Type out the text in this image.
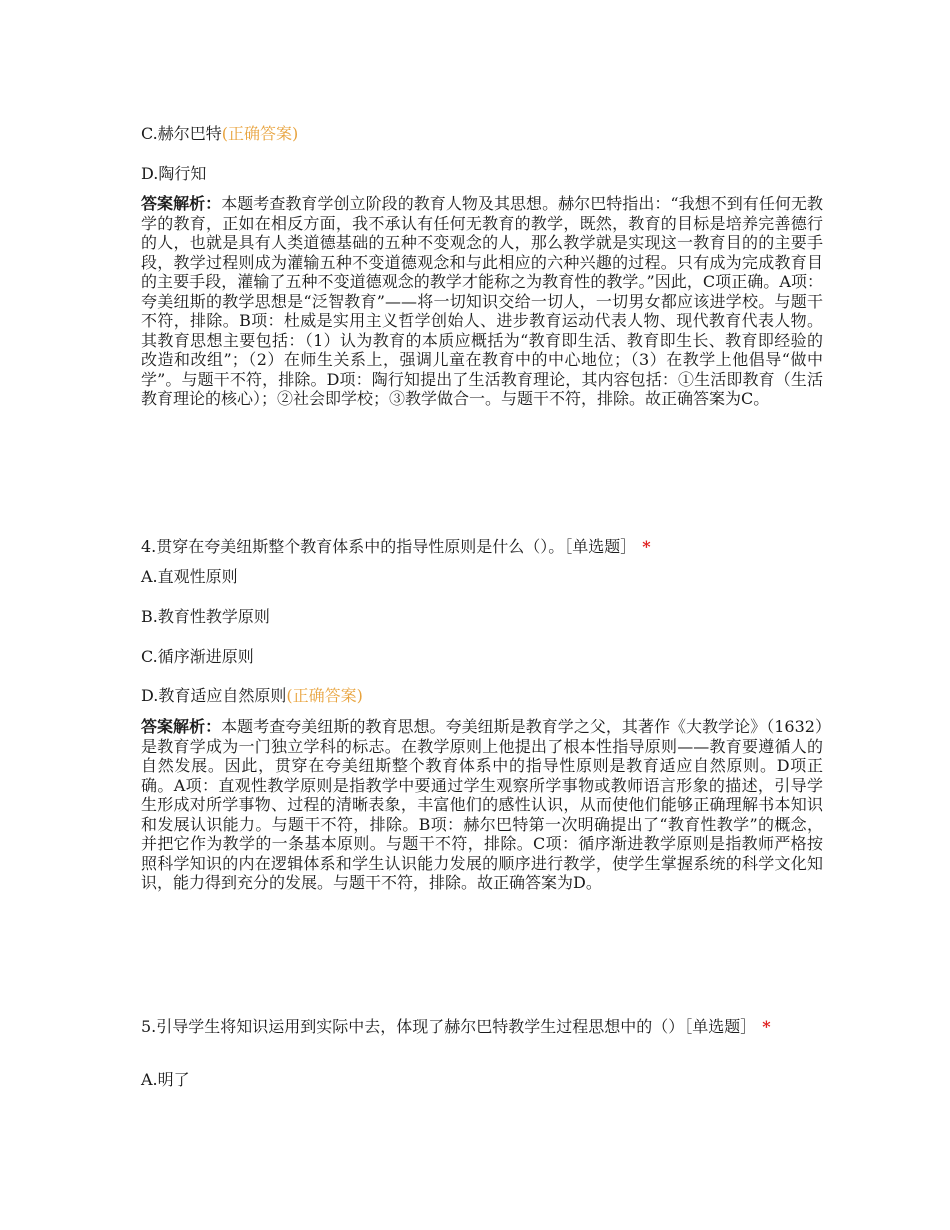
C.赫尔巴特(正确答案)
D.陶行知
答案解析：本题考查教育学创立阶段的教育人物及其思想。赫尔巴特指出：“我想不到有任何无教学的教育，正如在相反方面，我不承认有任何无教育的教学，既然，教育的目标是培养完善德行的人，也就是具有人类道德基础的五种不变观念的人，那么教学就是实现这一教育目的的主要手段，教学过程则成为灌输五种不变道德观念和与此相应的六种兴趣的过程。只有成为完成教育目的主要手段，灌输了五种不变道德观念的教学才能称之为教育性的教学。”因此，C项正确。A项：夸美纽斯的教学思想是“泛智教育”——将一切知识交给一切人，一切男女都应该进学校。与题干不符，排除。B项：杜威是实用主义哲学创始人、进步教育运动代表人物、现代教育代表人物。其教育思想主要包括：（1）认为教育的本质应概括为“教育即生活、教育即生长、教育即经验的改造和改组”；（2）在师生关系上，强调儿童在教育中的中心地位；（3）在教学上他倡导“做中学”。与题干不符，排除。D项：陶行知提出了生活教育理论，其内容包括：①生活即教育（生活教育理论的核心）；②社会即学校；③教学做合一。与题干不符，排除。故正确答案为C。
4.贯穿在夸美纽斯整个教育体系中的指导性原则是什么（）。［单选题］ *
A.直观性原则
B.教育性教学原则
C.循序渐进原则
D.教育适应自然原则(正确答案)
答案解析：本题考查夸美纽斯的教育思想。夸美纽斯是教育学之父，其著作《大教学论》（1632）是教育学成为一门独立学科的标志。在教学原则上他提出了根本性指导原则——教育要遵循人的自然发展。因此，贯穿在夸美纽斯整个教育体系中的指导性原则是教育适应自然原则。D项正确。A项：直观性教学原则是指教学中要通过学生观察所学事物或教师语言形象的描述，引导学生形成对所学事物、过程的清晰表象，丰富他们的感性认识，从而使他们能够正确理解书本知识和发展认识能力。与题干不符，排除。B项：赫尔巴特第一次明确提出了“教育性教学”的概念，并把它作为教学的一条基本原则。与题干不符，排除。C项：循序渐进教学原则是指教师严格按照科学知识的内在逻辑体系和学生认识能力发展的顺序进行教学，使学生掌握系统的科学文化知识，能力得到充分的发展。与题干不符，排除。故正确答案为D。
5.引导学生将知识运用到实际中去，体现了赫尔巴特教学生过程思想中的（）［单选题］ *
A.明了
